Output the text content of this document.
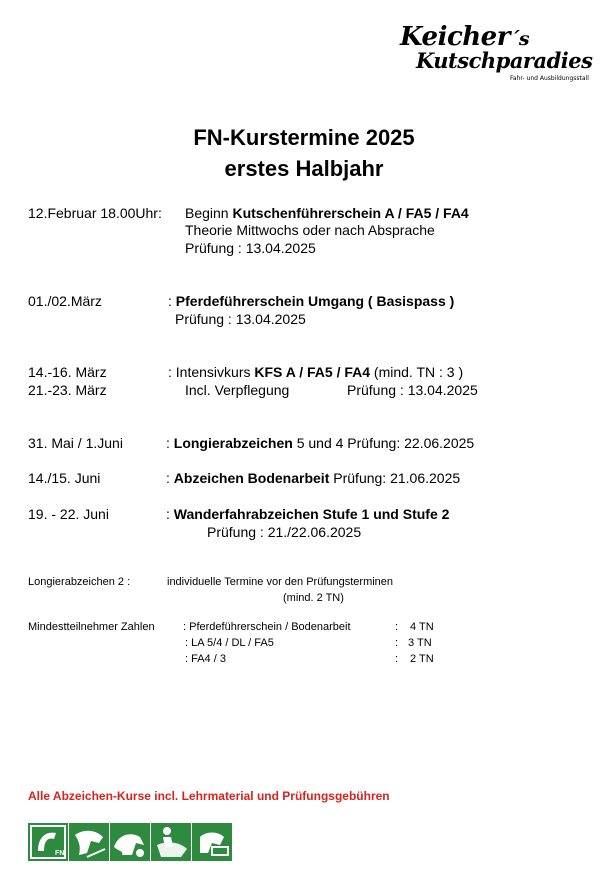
Keicher´s
Kutschparadies
Fahr- und Ausbildungsstall
FN-Kurstermine 2025
erstes Halbjahr
12.Februar 18.00Uhr: Beginn Kutschenführerschein A / FA5 / FA4
Theorie Mittwochs oder nach Absprache
Prüfung : 13.04.2025
01./02.März	: Pferdeführerschein Umgang ( Basispass )
Prüfung : 13.04.2025
14.-16. März	: Intensivkurs KFS A / FA5 / FA4 (mind. TN : 3 )
21.-23. März	Incl. Verpflegung	Prüfung : 13.04.2025
31. Mai / 1.Juni	: Longierabzeichen 5 und 4 Prüfung: 22.06.2025
14./15. Juni	: Abzeichen Bodenarbeit Prüfung: 21.06.2025
19. - 22. Juni	: Wanderfahrabzeichen Stufe 1 und Stufe 2
Prüfung : 21./22.06.2025
Longierabzeichen 2 :	individuelle Termine vor den Prüfungsterminen
(mind. 2 TN)
Mindestteilnehmer Zahlen	: Pferdeführerschein / Bodenarbeit	: 4 TN
: LA 5/4 / DL / FA5	: 3 TN
: FA4 / 3	: 2 TN
Alle Abzeichen-Kurse incl. Lehrmaterial und Prüfungsgebühren
FN
